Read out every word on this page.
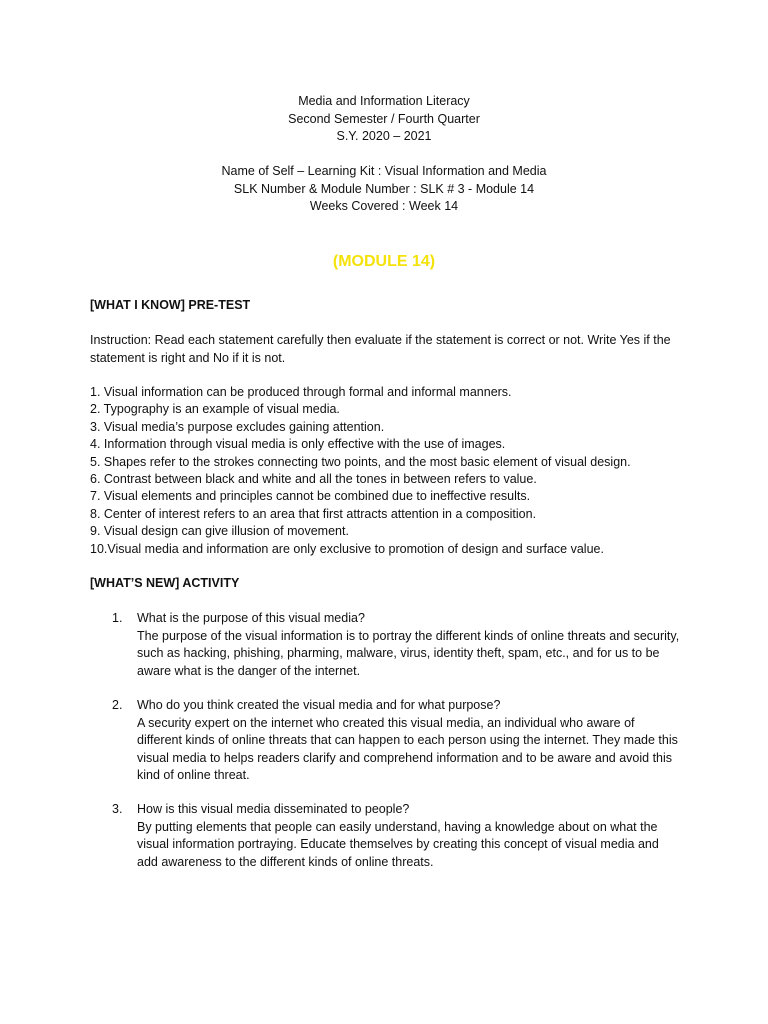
Media and Information Literacy
Second Semester / Fourth Quarter
S.Y. 2020 – 2021
Name of Self – Learning Kit : Visual Information and Media
SLK Number & Module Number : SLK # 3 - Module 14
Weeks Covered : Week 14
(MODULE 14)
[WHAT I KNOW] PRE-TEST
Instruction: Read each statement carefully then evaluate if the statement is correct or not. Write Yes if the statement is right and No if it is not.
1. Visual information can be produced through formal and informal manners.
2. Typography is an example of visual media.
3. Visual media’s purpose excludes gaining attention.
4. Information through visual media is only effective with the use of images.
5. Shapes refer to the strokes connecting two points, and the most basic element of visual design.
6. Contrast between black and white and all the tones in between refers to value.
7. Visual elements and principles cannot be combined due to ineffective results.
8. Center of interest refers to an area that first attracts attention in a composition.
9. Visual design can give illusion of movement.
10.Visual media and information are only exclusive to promotion of design and surface value.
[WHAT’S NEW] ACTIVITY
1. What is the purpose of this visual media?
The purpose of the visual information is to portray the different kinds of online threats and security, such as hacking, phishing, pharming, malware, virus, identity theft, spam, etc., and for us to be aware what is the danger of the internet.
2. Who do you think created the visual media and for what purpose?
A security expert on the internet who created this visual media, an individual who aware of different kinds of online threats that can happen to each person using the internet. They made this visual media to helps readers clarify and comprehend information and to be aware and avoid this kind of online threat.
3. How is this visual media disseminated to people?
By putting elements that people can easily understand, having a knowledge about on what the visual information portraying. Educate themselves by creating this concept of visual media and add awareness to the different kinds of online threats.
